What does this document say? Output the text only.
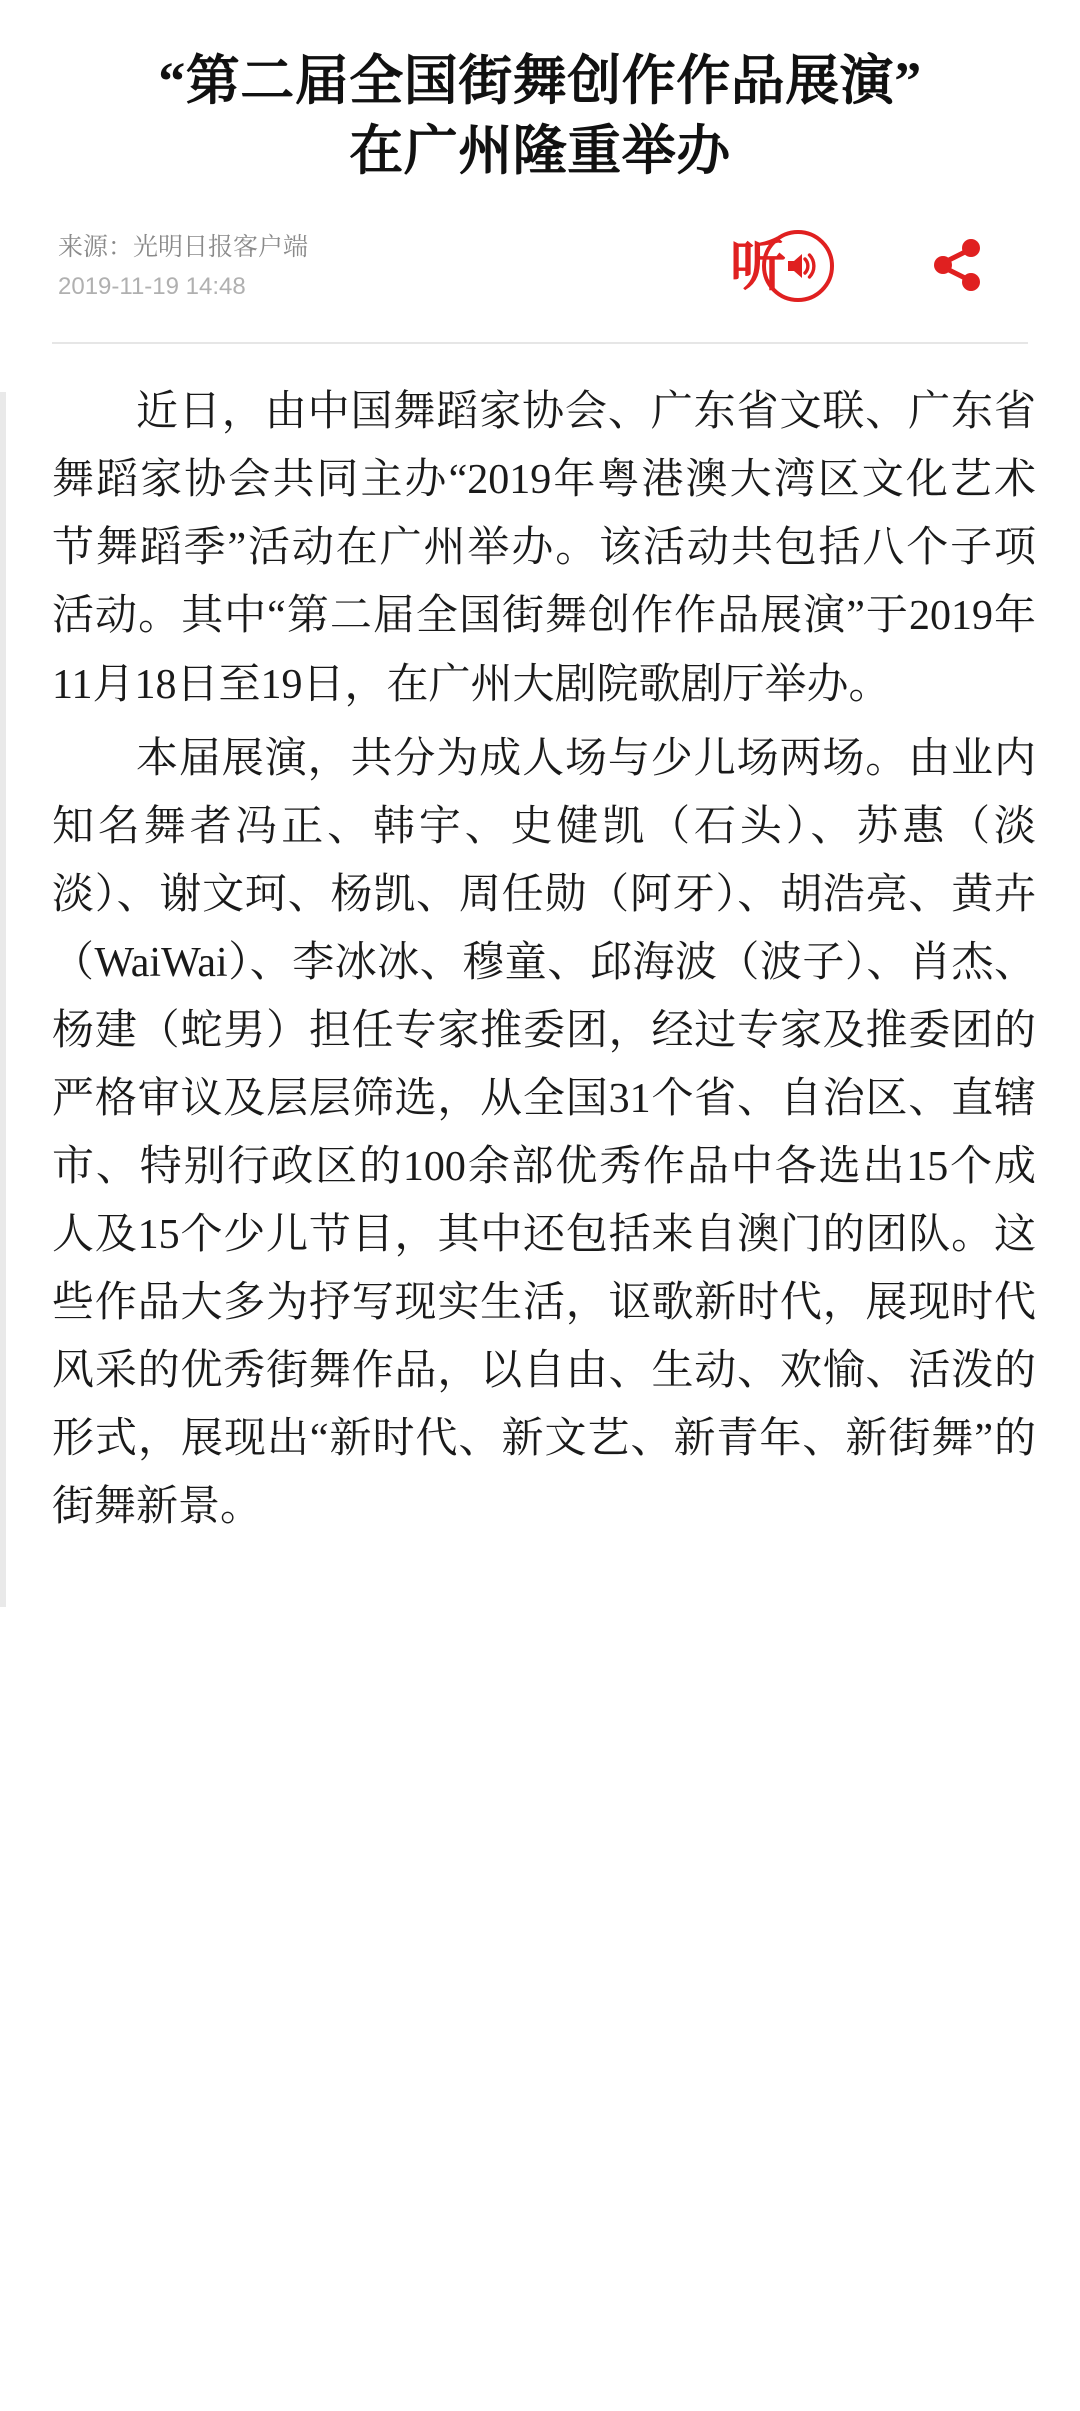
“第二届全国街舞创作作品展演”
在广州隆重举办
来源：光明日报客户端
2019-11-19 14:48	听

近日，由中国舞蹈家协会、广东省文联、广东省舞蹈家协会共同主办“2019年粤港澳大湾区文化艺术节舞蹈季”活动在广州举办。该活动共包括八个子项活动。其中“第二届全国街舞创作作品展演”于2019年11月18日至19日，在广州大剧院歌剧厅举办。

本届展演，共分为成人场与少儿场两场。由业内知名舞者冯正、韩宇、史健凯（石头）、苏惠（淡淡）、谢文珂、杨凯、周任勋（阿牙）、胡浩亮、黄卉（WaiWai）、李冰冰、穆童、邱海波（波子）、肖杰、杨建（蛇男）担任专家推委团，经过专家及推委团的严格审议及层层筛选，从全国31个省、自治区、直辖市、特别行政区的100余部优秀作品中各选出15个成人及15个少儿节目，其中还包括来自澳门的团队。这些作品大多为抒写现实生活，讴歌新时代，展现时代风采的优秀街舞作品，以自由、生动、欢愉、活泼的形式，展现出“新时代、新文艺、新青年、新街舞”的街舞新景。
